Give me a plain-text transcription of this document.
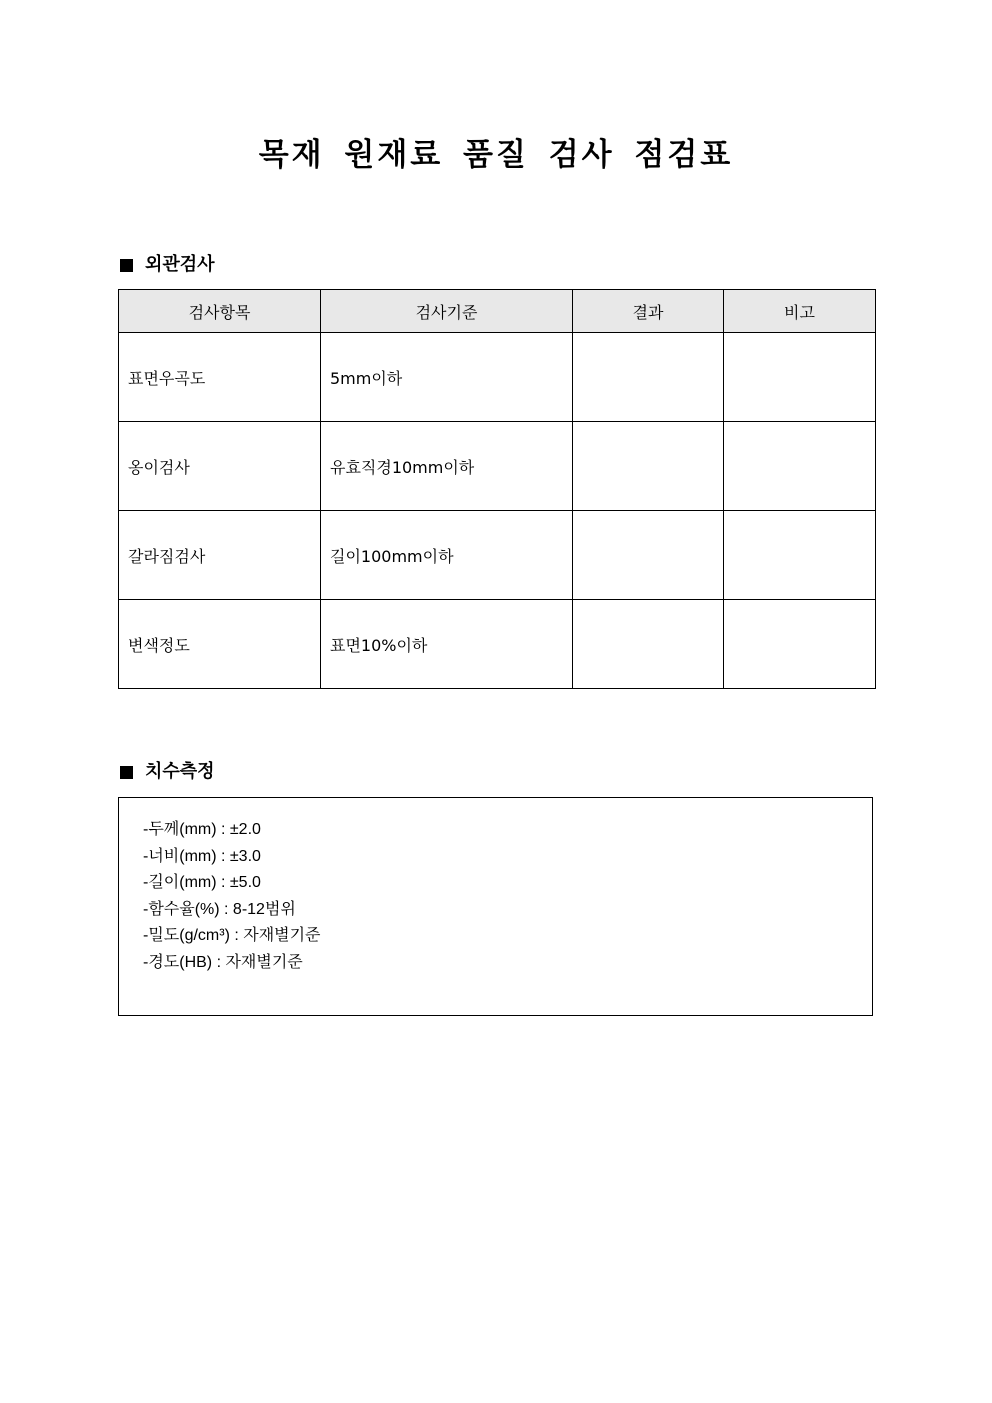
목재 원재료 품질 검사 점검표
외관검사
검사항목	검사기준	결과	비고
표면우곡도	5mm이하		
옹이검사	유효직경10mm이하		
갈라짐검사	길이100mm이하		
변색정도	표면10%이하		
치수측정
-두께(mm) : ±2.0
-너비(mm) : ±3.0
-길이(mm) : ±5.0
-함수율(%) : 8-12범위
-밀도(g/cm³) : 자재별기준
-경도(HB) : 자재별기준
